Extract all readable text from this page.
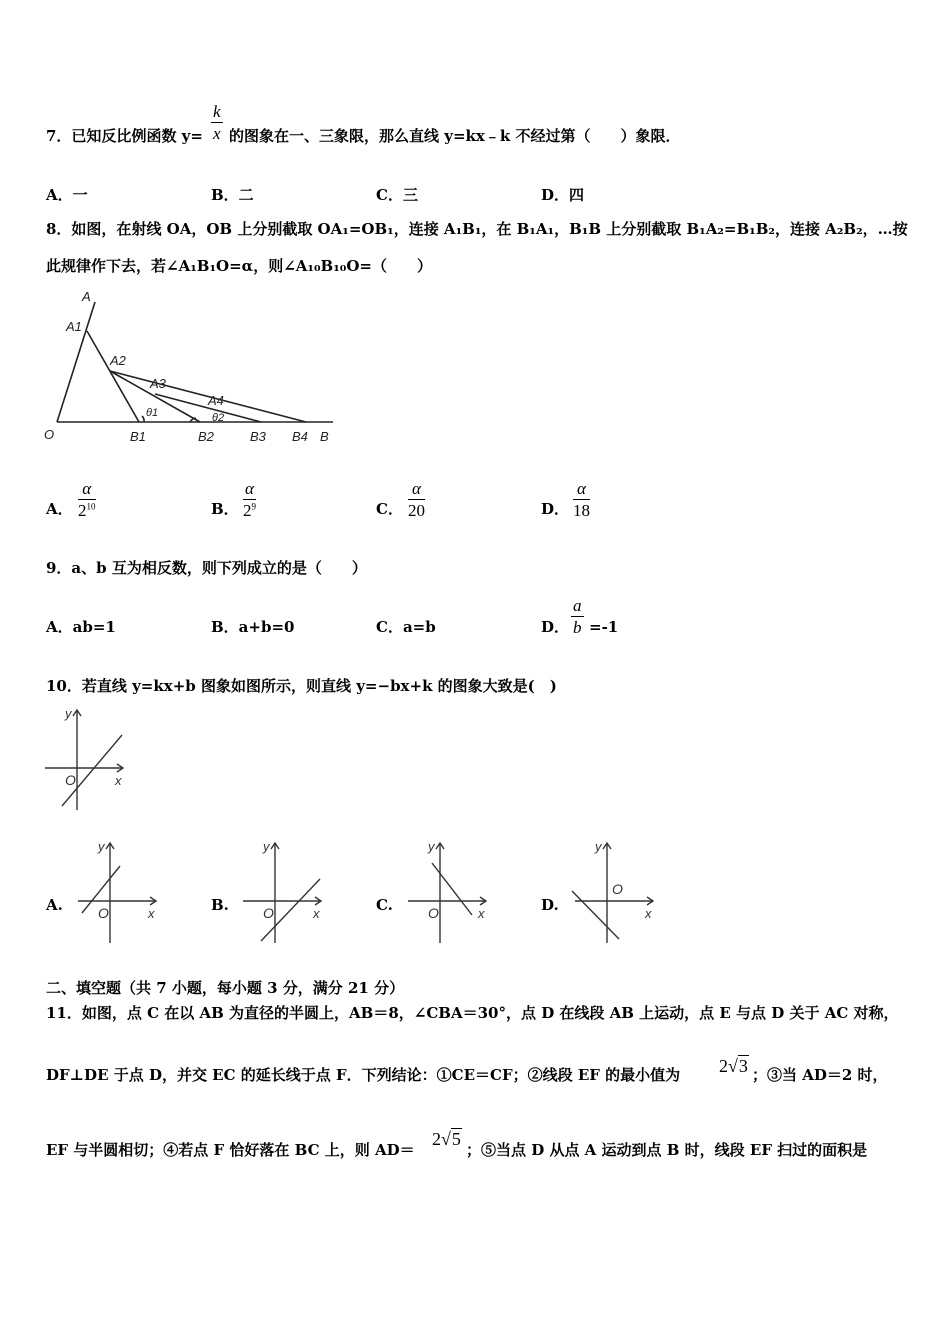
7．已知反比例函数 y=
k
x 的图象在一、三象限，那么直线 y=kx﹣k 不经过第（　　）象限．
A．一	B．二	C．三	D．四
8．如图，在射线 OA，OB 上分别截取 OA₁=OB₁，连接 A₁B₁，在 B₁A₁，B₁B 上分别截取 B₁A₂=B₁B₂，连接 A₂B₂，…按
此规律作下去，若∠A₁B₁O=α，则∠A₁₀B₁₀O=（　　）
O
A
A1
A2
A3
A4
θ1	θ2
B1	B2	B3 B4 B
A．
α
$2^{10}$	B．
α
$2^9$	C．
α
20	D．
α
18
9．a、b 互为相反数，则下列成立的是（　　）
A．ab=1	B．a+b=0	C．a=b	D．
a
b =-1
10．若直线 y=kx+b 图象如图所示，则直线 y=−bx+k 的图象大致是(　)
x
y
O
A.	x
y
O	B.	x
y
O	C.	x
y
O	D.	x
y
O
二、填空题（共 7 小题，每小题 3 分，满分 21 分）
11．如图，点 C 在以 AB 为直径的半圆上，AB＝8，∠CBA＝30°，点 D 在线段 AB 上运动，点 E 与点 D 关于 AC 对称，
DF⊥DE 于点 D，并交 EC 的延长线于点 F．下列结论：①CE＝CF；②线段 EF 的最小值为 2√3 ；③当 AD＝2 时，
EF 与半圆相切；④若点 F 恰好落在 BC 上，则 AD＝
2√5
；⑤当点 D 从点 A 运动到点 B 时，线段 EF 扫过的面积是
